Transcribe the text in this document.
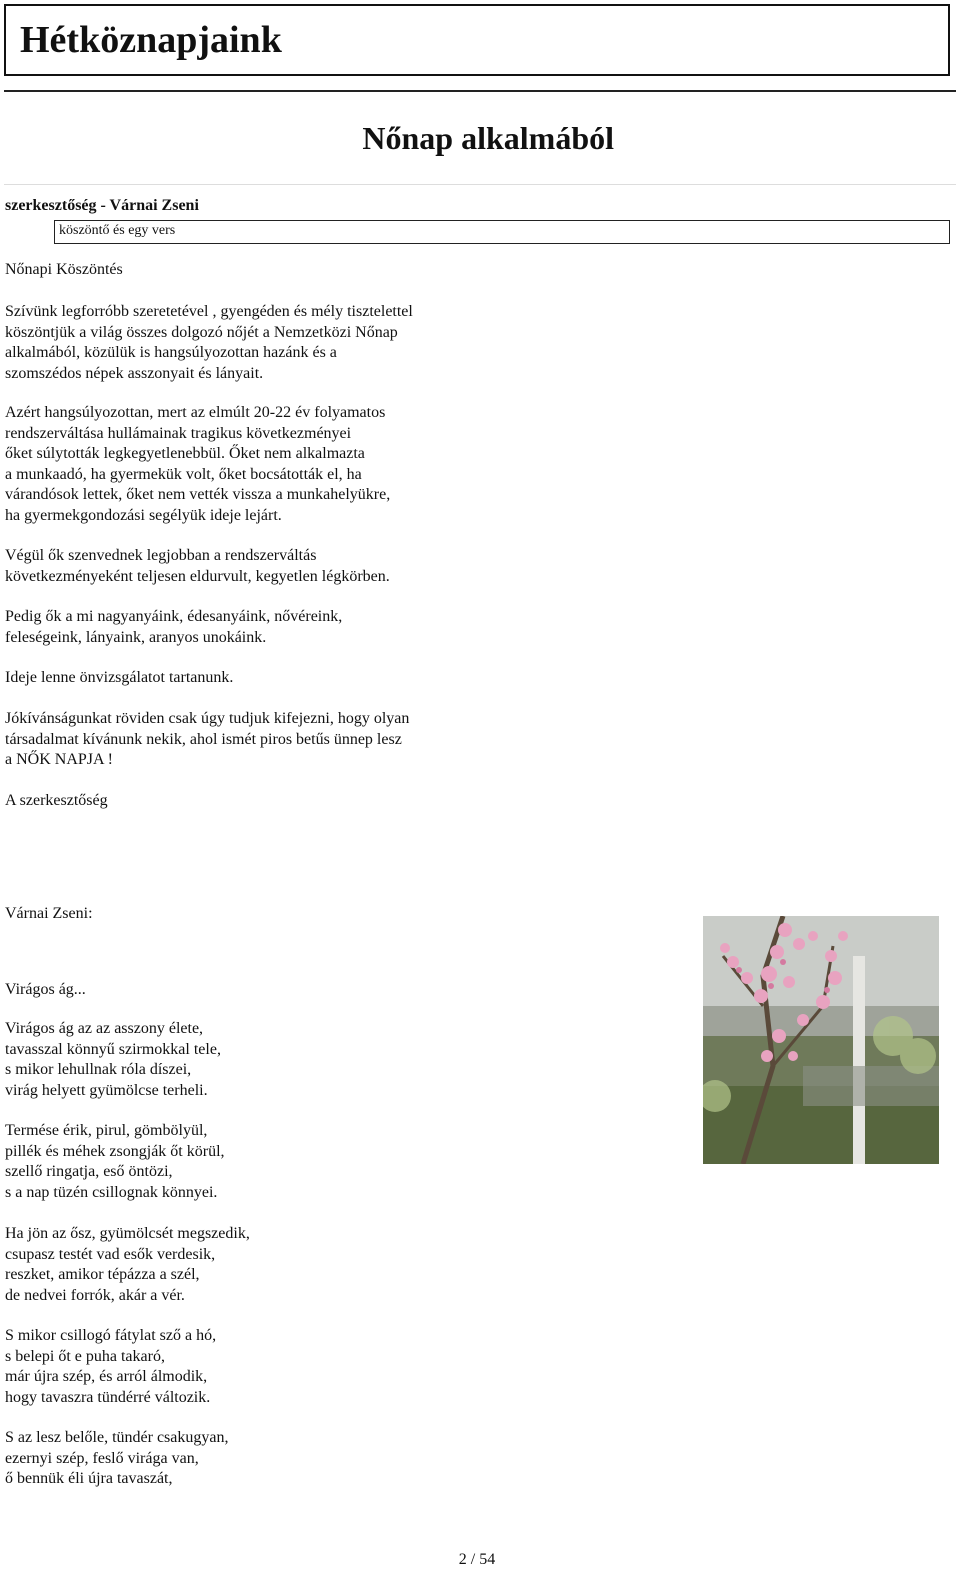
Hétköznapjaink
Nőnap alkalmából
szerkesztőség - Várnai Zseni
köszöntő és egy vers

Nőnapi Köszöntés

Szívünk legforróbb szeretetével , gyengéden és mély tisztelettel
köszöntjük a világ összes dolgozó nőjét a Nemzetközi Nőnap
alkalmából, közülük is hangsúlyozottan hazánk és a
szomszédos népek asszonyait és lányait.

Azért hangsúlyozottan, mert az elmúlt 20-22 év folyamatos
rendszerváltása hullámainak tragikus következményei
őket súlytották legkegyetlenebbül. Őket nem alkalmazta
a munkaadó, ha gyermekük volt, őket bocsátották el, ha
várandósok lettek, őket nem vették vissza a munkahelyükre,
ha gyermekgondozási segélyük ideje lejárt.

Végül ők szenvednek legjobban a rendszerváltás
következményeként teljesen eldurvult, kegyetlen légkörben.

Pedig ők a mi nagyanyáink, édesanyáink, nővéreink,
feleségeink, lányaink, aranyos unokáink.

Ideje lenne önvizsgálatot tartanunk.

Jókívánságunkat röviden csak úgy tudjuk kifejezni, hogy olyan
társadalmat kívánunk nekik, ahol ismét piros betűs ünnep lesz
a NŐK NAPJA !

A szerkesztőség

Várnai Zseni:

Virágos ág...

Virágos ág az az asszony élete,
tavasszal könnyű szirmokkal tele,
s mikor lehullnak róla díszei,
virág helyett gyümölcse terheli.

Termése érik, pirul, gömbölyül,
pillék és méhek zsongják őt körül,
szellő ringatja, eső öntözi,
s a nap tüzén csillognak könnyei.

Ha jön az ősz, gyümölcsét megszedik,
csupasz testét vad esők verdesik,
reszket, amikor tépázza a szél,
de nedvei forrók, akár a vér.

S mikor csillogó fátylat sző a hó,
s belepi őt e puha takaró,
már újra szép, és arról álmodik,
hogy tavaszra tündérré változik.

S az lesz belőle, tündér csakugyan,
ezernyi szép, feslő virága van,
ő bennük éli újra tavaszát,

2 / 54
